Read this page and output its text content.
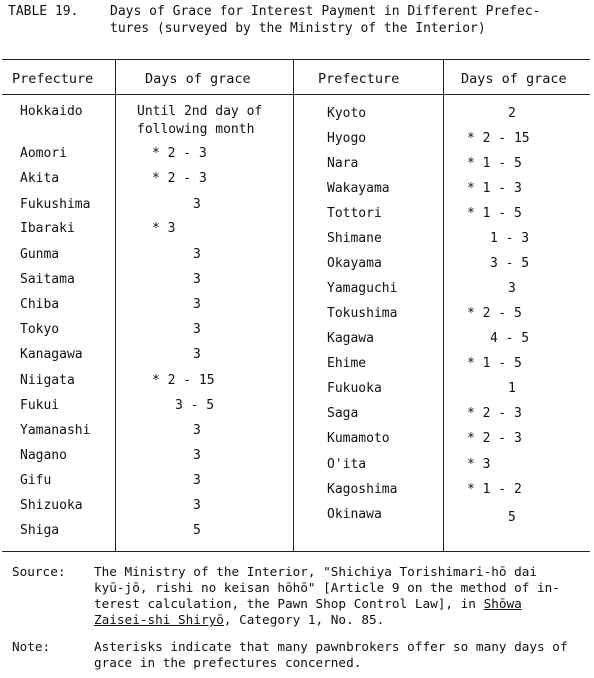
TABLE 19. Days of Grace for Interest Payment in Different Prefec-
tures (surveyed by the Ministry of the Interior)
Prefecture	Days of grace	Prefecture	Days of grace
Hokkaido	Until 2nd day of
following month
Aomori	* 2 - 3
Akita	* 2 - 3
Fukushima	3
Ibaraki	* 3
Gunma	3
Saitama	3
Chiba	3
Tokyo	3
Kanagawa	3
Niigata	* 2 - 15
Fukui	3 - 5
Yamanashi	3
Nagano	3
Gifu	3
Shizuoka	3
Shiga	5
Kyoto	2
Hyogo	* 2 - 15
Nara	* 1 - 5
Wakayama	* 1 - 3
Tottori	* 1 - 5
Shimane	1 - 3
Okayama	3 - 5
Yamaguchi	3
Tokushima	* 2 - 5
Kagawa	4 - 5
Ehime	* 1 - 5
Fukuoka	1
Saga	* 2 - 3
Kumamoto	* 2 - 3
O'ita	* 3
Kagoshima	* 1 - 2
Okinawa	5
Source: The Ministry of the Interior, "Shichiya Torishimari-hō dai
kyū-jō, rishi no keisan hōhō" [Article 9 on the method of in-
terest calculation, the Pawn Shop Control Law], in Shōwa
Zaisei-shi Shiryō, Category 1, No. 85.
Note:	Asterisks indicate that many pawnbrokers offer so many days of
grace in the prefectures concerned.
